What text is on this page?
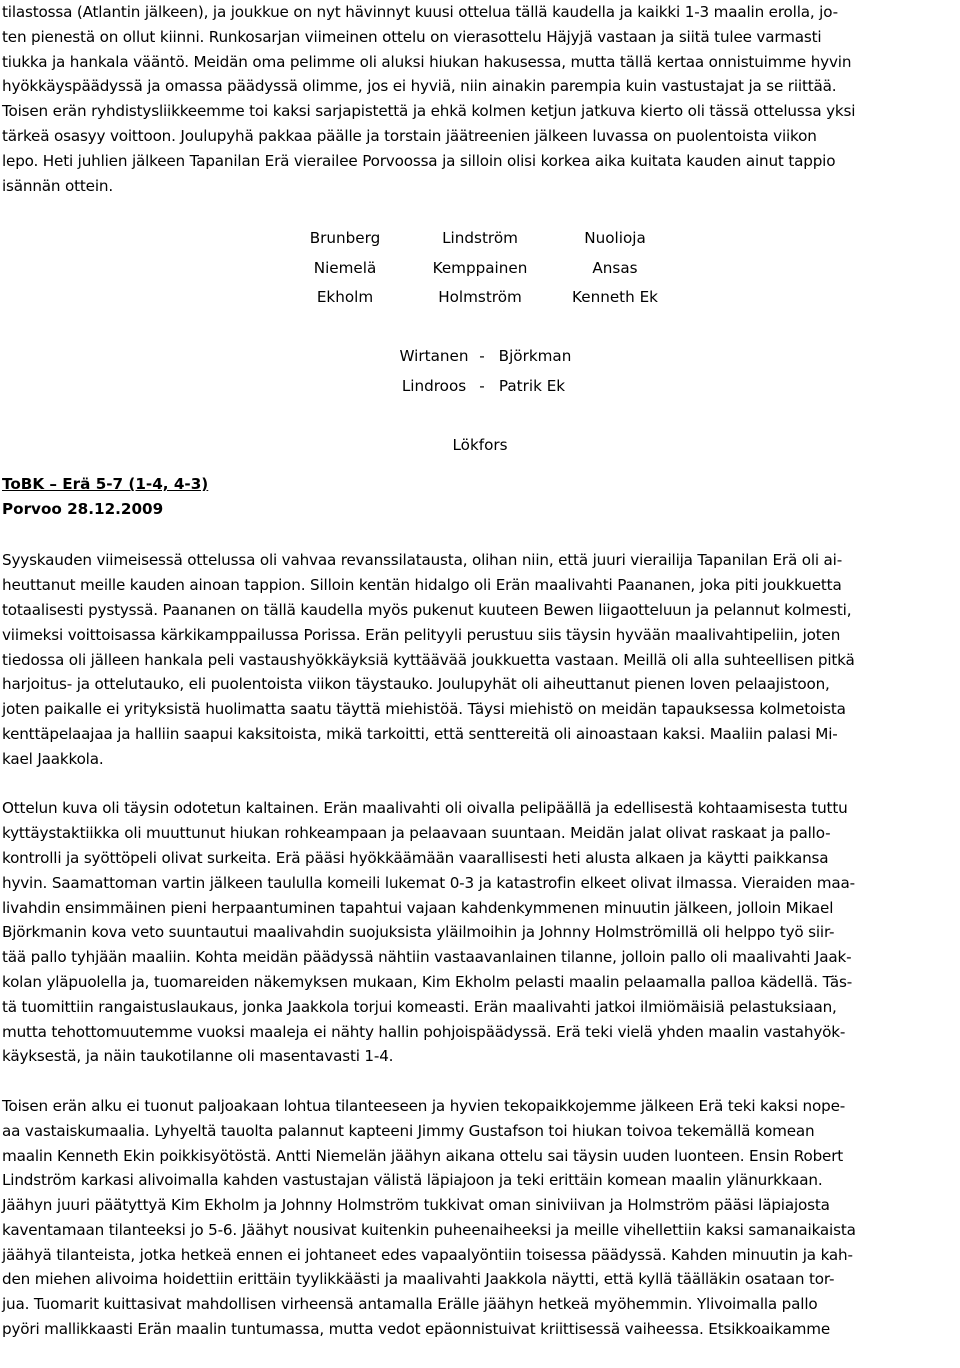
tilastossa (Atlantin jälkeen), ja joukkue on nyt hävinnyt kuusi ottelua tällä kaudella ja kaikki 1-3 maalin erolla, jo-
ten pienestä on ollut kiinni. Runkosarjan viimeinen ottelu on vierasottelu Häjyjä vastaan ja siitä tulee varmasti
tiukka ja hankala vääntö. Meidän oma pelimme oli aluksi hiukan hakusessa, mutta tällä kertaa onnistuimme hyvin
hyökkäyspäädyssä ja omassa päädyssä olimme, jos ei hyviä, niin ainakin parempia kuin vastustajat ja se riittää.
Toisen erän ryhdistysliikkeemme toi kaksi sarjapistettä ja ehkä kolmen ketjun jatkuva kierto oli tässä ottelussa yksi
tärkeä osasyy voittoon. Joulupyhä pakkaa päälle ja torstain jäätreenien jälkeen luvassa on puolentoista viikon
lepo. Heti juhlien jälkeen Tapanilan Erä vierailee Porvoossa ja silloin olisi korkea aika kuitata kauden ainut tappio
isännän ottein.
Brunberg	Lindström	Nuolioja
Niemelä	Kemppainen	Ansas
Ekholm	Holmström	Kenneth Ek
Wirtanen - Björkman
Lindroos - Patrik Ek
Lökfors
ToBK – Erä 5-7 (1-4, 4-3)
Porvoo 28.12.2009
Syyskauden viimeisessä ottelussa oli vahvaa revanssilatausta, olihan niin, että juuri vierailija Tapanilan Erä oli ai-
heuttanut meille kauden ainoan tappion. Silloin kentän hidalgo oli Erän maalivahti Paananen, joka piti joukkuetta
totaalisesti pystyssä. Paananen on tällä kaudella myös pukenut kuuteen Bewen liigaotteluun ja pelannut kolmesti,
viimeksi voittoisassa kärkikamppailussa Porissa. Erän pelityyli perustuu siis täysin hyvään maalivahtipeliin, joten
tiedossa oli jälleen hankala peli vastaushyökkäyksiä kyttäävää joukkuetta vastaan. Meillä oli alla suhteellisen pitkä
harjoitus- ja ottelutauko, eli puolentoista viikon täystauko. Joulupyhät oli aiheuttanut pienen loven pelaajistoon,
joten paikalle ei yrityksistä huolimatta saatu täyttä miehistöä. Täysi miehistö on meidän tapauksessa kolmetoista
kenttäpelaajaa ja halliin saapui kaksitoista, mikä tarkoitti, että senttereitä oli ainoastaan kaksi. Maaliin palasi Mi-
kael Jaakkola.
Ottelun kuva oli täysin odotetun kaltainen. Erän maalivahti oli oivalla pelipäällä ja edellisestä kohtaamisesta tuttu
kyttäystaktiikka oli muuttunut hiukan rohkeampaan ja pelaavaan suuntaan. Meidän jalat olivat raskaat ja pallo-
kontrolli ja syöttöpeli olivat surkeita. Erä pääsi hyökkäämään vaarallisesti heti alusta alkaen ja käytti paikkansa
hyvin. Saamattoman vartin jälkeen taululla komeili lukemat 0-3 ja katastrofin elkeet olivat ilmassa. Vieraiden maa-
livahdin ensimmäinen pieni herpaantuminen tapahtui vajaan kahdenkymmenen minuutin jälkeen, jolloin Mikael
Björkmanin kova veto suuntautui maalivahdin suojuksista yläilmoihin ja Johnny Holmströmillä oli helppo työ siir-
tää pallo tyhjään maaliin. Kohta meidän päädyssä nähtiin vastaavanlainen tilanne, jolloin pallo oli maalivahti Jaak-
kolan yläpuolella ja, tuomareiden näkemyksen mukaan, Kim Ekholm pelasti maalin pelaamalla palloa kädellä. Täs-
tä tuomittiin rangaistuslaukaus, jonka Jaakkola torjui komeasti. Erän maalivahti jatkoi ilmiömäisiä pelastuksiaan,
mutta tehottomuutemme vuoksi maaleja ei nähty hallin pohjoispäädyssä. Erä teki vielä yhden maalin vastahyök-
käyksestä, ja näin taukotilanne oli masentavasti 1-4.
Toisen erän alku ei tuonut paljoakaan lohtua tilanteeseen ja hyvien tekopaikkojemme jälkeen Erä teki kaksi nope-
aa vastaiskumaalia. Lyhyeltä tauolta palannut kapteeni Jimmy Gustafson toi hiukan toivoa tekemällä komean
maalin Kenneth Ekin poikkisyötöstä. Antti Niemelän jäähyn aikana ottelu sai täysin uuden luonteen. Ensin Robert
Lindström karkasi alivoimalla kahden vastustajan välistä läpiajoon ja teki erittäin komean maalin ylänurkkaan.
Jäähyn juuri päätyttyä Kim Ekholm ja Johnny Holmström tukkivat oman siniviivan ja Holmström pääsi läpiajosta
kaventamaan tilanteeksi jo 5-6. Jäähyt nousivat kuitenkin puheenaiheeksi ja meille vihellettiin kaksi samanaikaista
jäähyä tilanteista, jotka hetkeä ennen ei johtaneet edes vapaalyöntiin toisessa päädyssä. Kahden minuutin ja kah-
den miehen alivoima hoidettiin erittäin tyylikkäästi ja maalivahti Jaakkola näytti, että kyllä täälläkin osataan tor-
jua. Tuomarit kuittasivat mahdollisen virheensä antamalla Erälle jäähyn hetkeä myöhemmin. Ylivoimalla pallo
pyöri mallikkaasti Erän maalin tuntumassa, mutta vedot epäonnistuivat kriittisessä vaiheessa. Etsikkoaikamme
